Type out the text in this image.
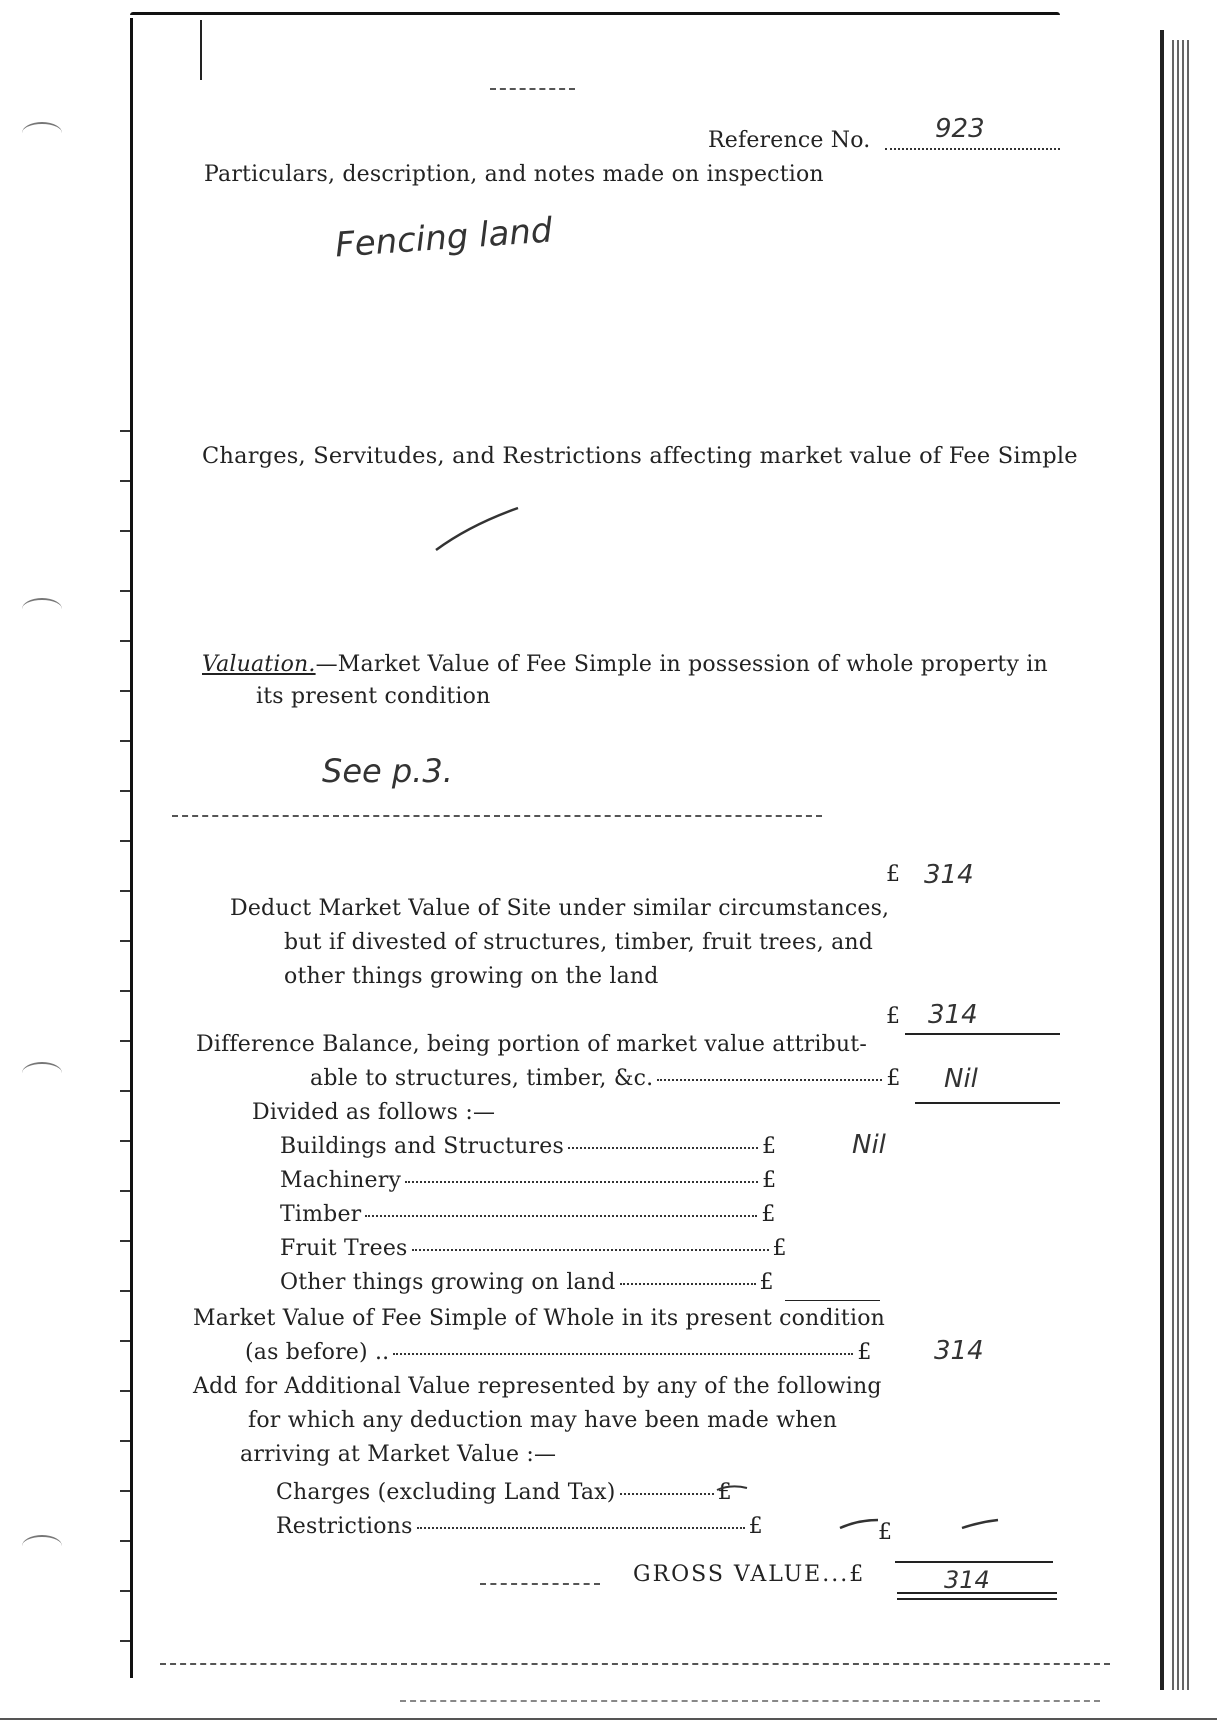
Reference No. 923
Particulars, description, and notes made on inspection
Fencing land
Charges, Servitudes, and Restrictions affecting market value of Fee Simple
Valuation.—Market Value of Fee Simple in possession of whole property in
its present condition
See p.3.
£ 314
Deduct Market Value of Site under similar circumstances,
but if divested of structures, timber, fruit trees, and
other things growing on the land
£ 314
Difference Balance, being portion of market value attribut-
able to structures, timber, &c.	£ Nil
Divided as follows :—
Buildings and Structures	£	Nil
Machinery	£
Timber	£
Fruit Trees	£
Other things growing on land	£
Market Value of Fee Simple of Whole in its present condition
(as before) ..	£ 314
Add for Additional Value represented by any of the following
for which any deduction may have been made when
arriving at Market Value :—
Charges (excluding Land Tax)	£
Restrictions	£	£
GROSS VALUE...£	314
